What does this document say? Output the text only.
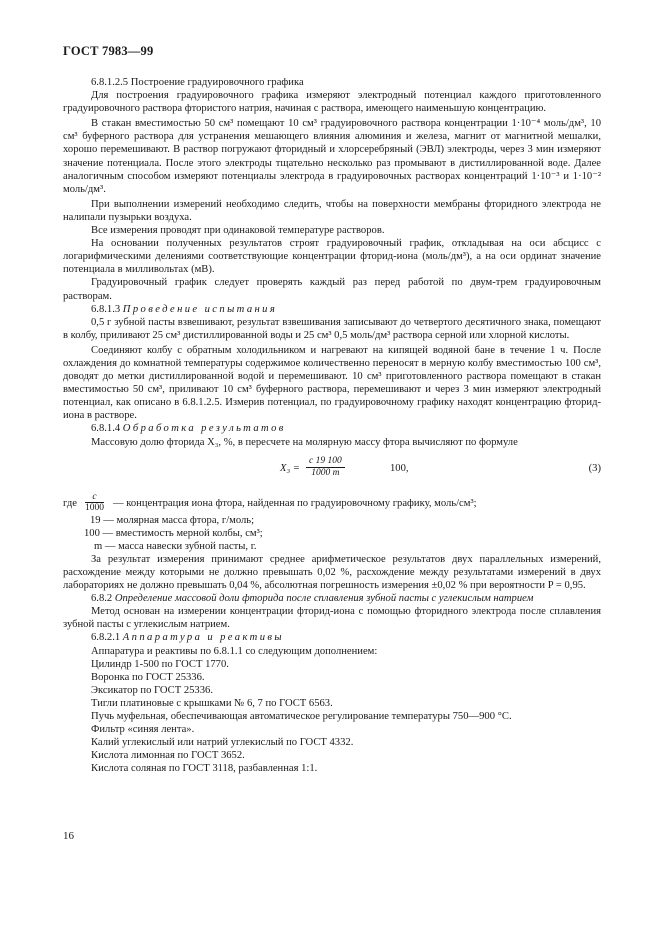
ГОСТ 7983—99

6.8.1.2.5 Построение градуировочного графика

Для построения градуировочного графика измеряют электродный потенциал каждого приготовленного градуировочного раствора фтористого натрия, начиная с раствора, имеющего наименьшую концентрацию.

В стакан вместимостью 50 см³ помещают 10 см³ градуировочного раствора концентрации 1·10⁻⁴ моль/дм³, 10 см³ буферного раствора для устранения мешающего влияния алюминия и железа, магнит от магнитной мешалки, хорошо перемешивают. В раствор погружают фторидный и хлорсеребряный (ЭВЛ) электроды, через 3 мин измеряют значение потенциала. После этого электроды тщательно несколько раз промывают в дистиллированной воде. Далее аналогичным способом измеряют потенциалы электрода в градуировочных растворах концентраций 1·10⁻³ и 1·10⁻² моль/дм³.

При выполнении измерений необходимо следить, чтобы на поверхности мембраны фторидного электрода не налипали пузырьки воздуха.

Все измерения проводят при одинаковой температуре растворов.

На основании полученных результатов строят градуировочный график, откладывая на оси абсцисс с логарифмическими делениями соответствующие концентрации фторид-иона (моль/дм³), а на оси ординат значение потенциала в милливольтах (мВ).

Градуировочный график следует проверять каждый раз перед работой по двум-трем градуировочным растворам.

6.8.1.3 Проведение испытания

0,5 г зубной пасты взвешивают, результат взвешивания записывают до четвертого десятичного знака, помещают в колбу, приливают 25 см³ дистиллированной воды и 25 см³ 0,5 моль/дм³ раствора серной или хлорной кислоты.

Соединяют колбу с обратным холодильником и нагревают на кипящей водяной бане в течение 1 ч. После охлаждения до комнатной температуры содержимое количественно переносят в мерную колбу вместимостью 100 см³, доводят до метки дистиллированной водой и перемешивают. 10 см³ приготовленного раствора помещают в стакан вместимостью 50 см³, приливают 10 см³ буферного раствора, перемешивают и через 3 мин измеряют электродный потенциал, как описано в 6.8.1.2.5. Измерив потенциал, по градуировочному графику находят концентрацию фторид-иона в растворе.

6.8.1.4 Обработка результатов

Массовую долю фторида X₃, %, в пересчете на молярную массу фтора вычисляют по формуле

$X_3 = \frac{c 19 100}{1000 m}$	100,	(3)
где $\frac{c}{1000}$ — концентрация иона фтора, найденная по градуировочному графику, моль/см³;

19 — молярная масса фтора, г/моль;

100 — вместимость мерной колбы, см³;

m — масса навески зубной пасты, г.

За результат измерения принимают среднее арифметическое результатов двух параллельных измерений, расхождение между которыми не должно превышать 0,02 %, расхождение между результатами измерений в двух лабораториях не должно превышать 0,04 %, абсолютная погрешность измерения ±0,02 % при вероятности P = 0,95.

6.8.2 Определение массовой доли фторида после сплавления зубной пасты с углекислым натрием

Метод основан на измерении концентрации фторид-иона с помощью фторидного электрода после сплавления зубной пасты с углекислым натрием.

6.8.2.1 Аппаратура и реактивы

Аппаратура и реактивы по 6.8.1.1 со следующим дополнением:

Цилиндр 1-500 по ГОСТ 1770.

Воронка по ГОСТ 25336.

Эксикатор по ГОСТ 25336.

Тигли платиновые с крышками № 6, 7 по ГОСТ 6563.

Пучь муфельная, обеспечивающая автоматическое регулирование температуры 750—900 °С.

Фильтр «синяя лента».

Калий углекислый или натрий углекислый по ГОСТ 4332.

Кислота лимонная по ГОСТ 3652.

Кислота соляная по ГОСТ 3118, разбавленная 1:1.

16
